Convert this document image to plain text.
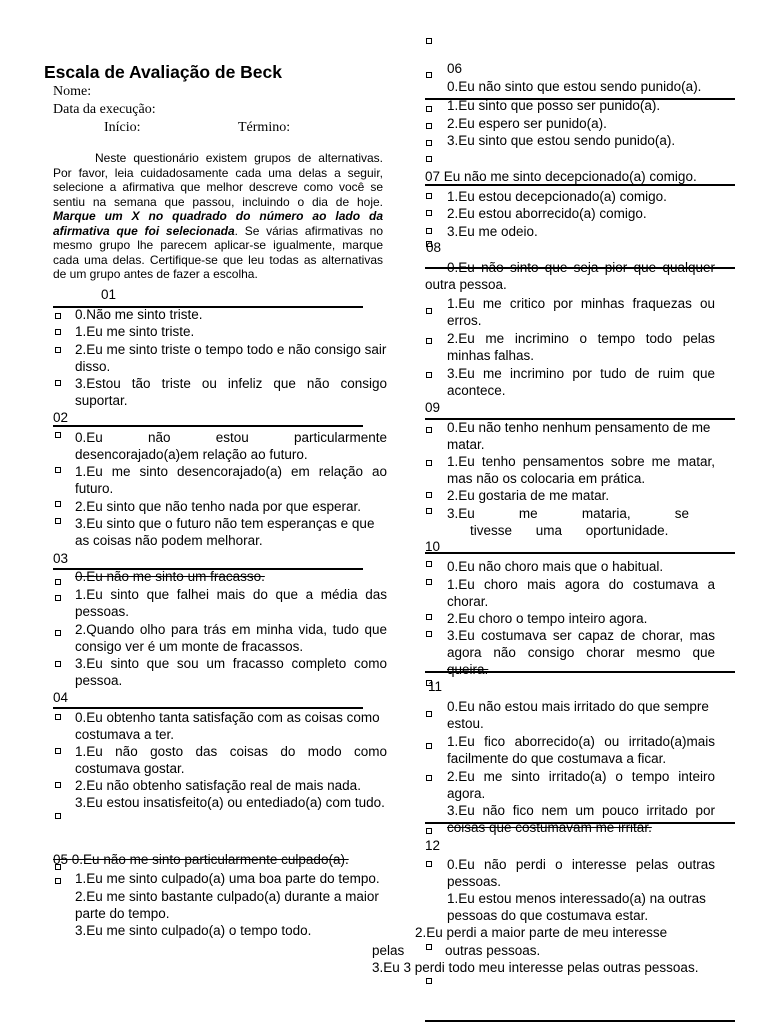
Escala de Avaliação de Beck
Nome:
Data da execução:
Início:	Término:

Neste questionário existem grupos de alternativas. Por favor, leia cuidadosamente cada uma delas a seguir, selecione a afirmativa que melhor descreve como você se sentiu na semana que passou, incluindo o dia de hoje. Marque um X no quadrado do número ao lado da afirmativa que foi selecionada. Se várias afirmativas no mesmo grupo lhe parecem aplicar-se igualmente, marque cada uma delas. Certifique-se que leu todas as alternativas de um grupo antes de fazer a escolha.

01
0.Não me sinto triste.
1.Eu me sinto triste.
2.Eu me sinto triste o tempo todo e não consigo sair
disso.
3.Estou tão triste ou infeliz que não consigo
suportar.
02
0.Eu não estou particularmente
desencorajado(a)em relação ao futuro.
1.Eu me sinto desencorajado(a) em relação ao
futuro.
2.Eu sinto que não tenho nada por que esperar.
3.Eu sinto que o futuro não tem esperanças e que
as coisas não podem melhorar.
03
0.Eu não me sinto um fracasso.
1.Eu sinto que falhei mais do que a média das
pessoas.
2.Quando olho para trás em minha vida, tudo que
consigo ver é um monte de fracassos.
3.Eu sinto que sou um fracasso completo como
pessoa.
04
0.Eu obtenho tanta satisfação com as coisas como
costumava a ter.
1.Eu não gosto das coisas do modo como
costumava gostar.
2.Eu não obtenho satisfação real de mais nada.
3.Eu estou insatisfeito(a) ou entediado(a) com tudo.
05 0.Eu não me sinto particularmente culpado(a).
1.Eu me sinto culpado(a) uma boa parte do tempo.
2.Eu me sinto bastante culpado(a) durante a maior
parte do tempo.
3.Eu me sinto culpado(a) o tempo todo.
06
0.Eu não sinto que estou sendo punido(a).
1.Eu sinto que posso ser punido(a).
2.Eu espero ser punido(a).
3.Eu sinto que estou sendo punido(a).
07 Eu não me sinto decepcionado(a) comigo.
1.Eu estou decepcionado(a) comigo.
2.Eu estou aborrecido(a) comigo.
3.Eu me odeio.
08
0.Eu não sinto que seja pior que qualquer
outra pessoa.
1.Eu me critico por minhas fraquezas ou
erros.
2.Eu me incrimino o tempo todo pelas
minhas falhas.
3.Eu me incrimino por tudo de ruim que
acontece.
09
0.Eu não tenho nenhum pensamento de me
matar.
1.Eu tenho pensamentos sobre me matar,
mas não os colocaria em prática.
2.Eu gostaria de me matar.
3.Eu me mataria, se
tivesse uma oportunidade.
10
0.Eu não choro mais que o habitual.
1.Eu choro mais agora do costumava a
chorar.
2.Eu choro o tempo inteiro agora.
3.Eu costumava ser capaz de chorar, mas
agora não consigo chorar mesmo que
queira.
11
0.Eu não estou mais irritado do que sempre
estou.
1.Eu fico aborrecido(a) ou irritado(a)mais
facilmente do que costumava a ficar.
2.Eu me sinto irritado(a) o tempo inteiro
agora.
3.Eu não fico nem um pouco irritado por
coisas que costumavam me irritar.
12
0.Eu não perdi o interesse pelas outras
pessoas.
1.Eu estou menos interessado(a) na outras
pessoas do que costumava estar.
2.Eu perdi a maior parte de meu interesse
pelas	outras pessoas.
3.Eu 3 perdi todo meu interesse pelas outras pessoas.
